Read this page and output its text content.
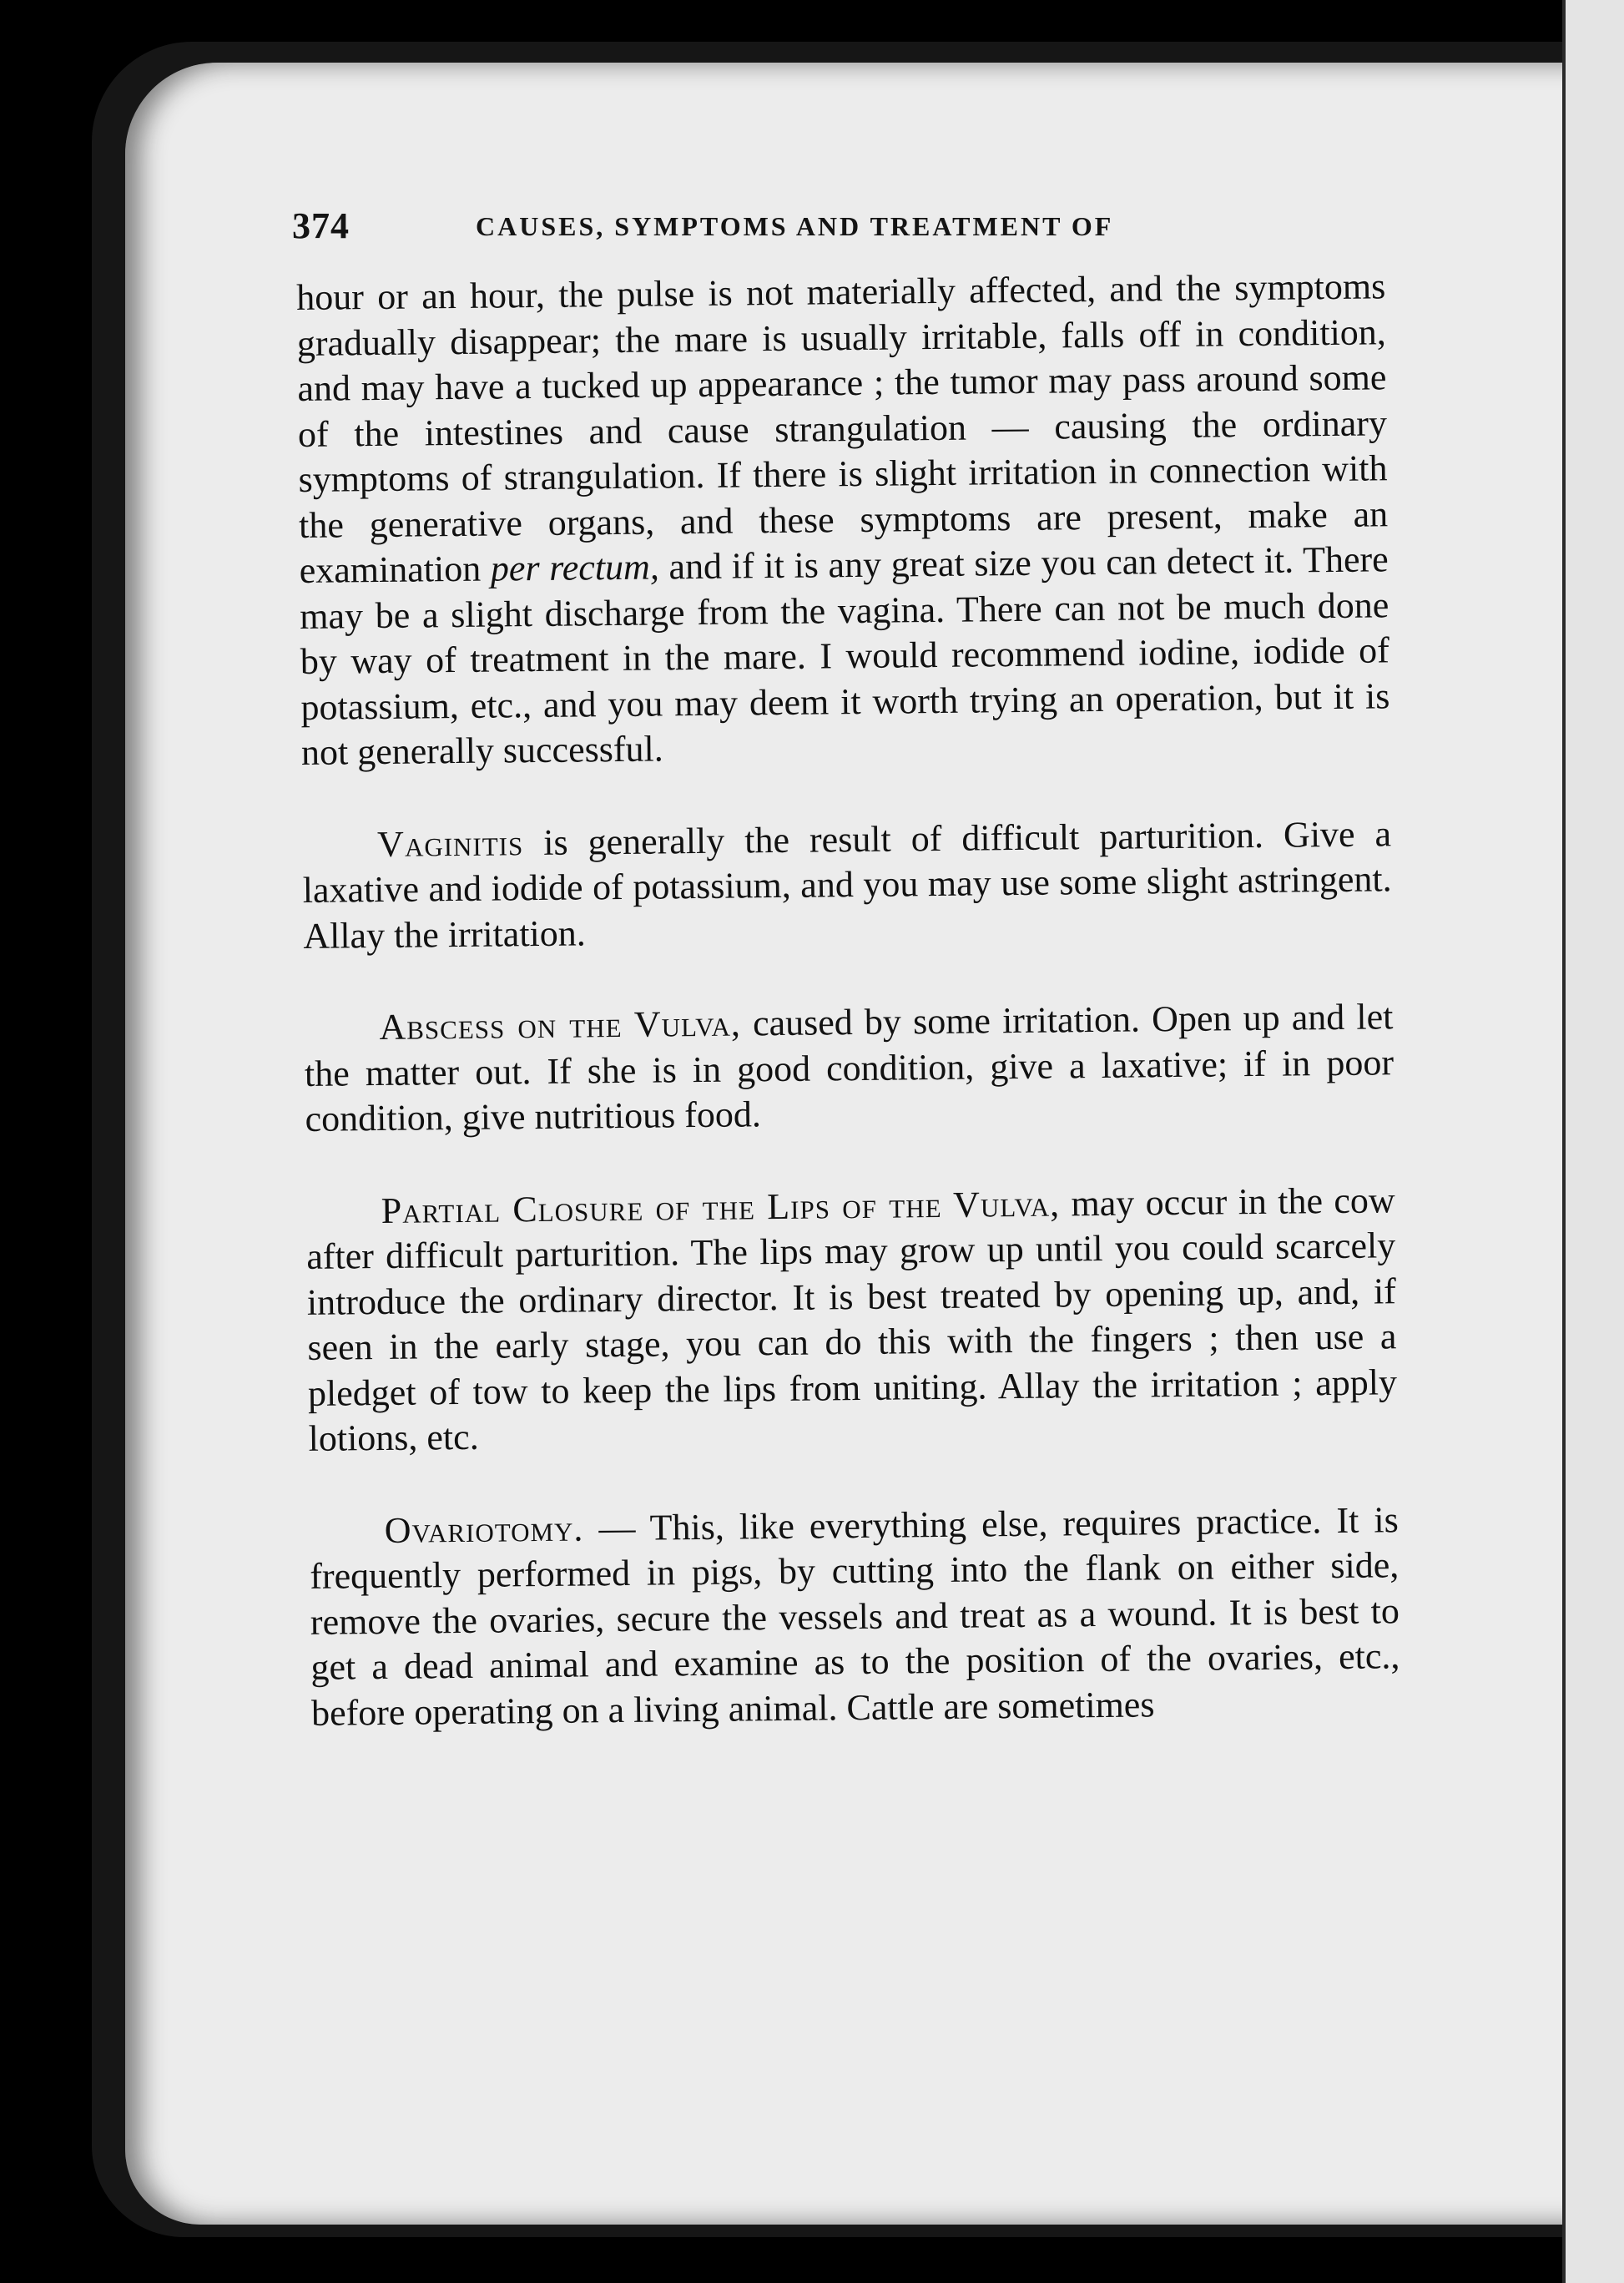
374	CAUSES, SYMPTOMS AND TREATMENT OF

hour or an hour, the pulse is not materially affected, and the symptoms gradually disappear; the mare is usually irritable, falls off in condition, and may have a tucked up appearance ; the tumor may pass around some of the intestines and cause strangulation — causing the ordinary symptoms of strangulation. If there is slight irritation in connection with the generative organs, and these symptoms are present, make an examination per rectum, and if it is any great size you can detect it. There may be a slight discharge from the vagina. There can not be much done by way of treatment in the mare. I would recommend iodine, iodide of potassium, etc., and you may deem it worth trying an operation, but it is not generally successful.

Vaginitis is generally the result of difficult parturition. Give a laxative and iodide of potassium, and you may use some slight astringent. Allay the irritation.

Abscess on the Vulva, caused by some irritation. Open up and let the matter out. If she is in good condition, give a laxative; if in poor condition, give nutritious food.

Partial Closure of the Lips of the Vulva, may occur in the cow after difficult parturition. The lips may grow up until you could scarcely introduce the ordinary director. It is best treated by opening up, and, if seen in the early stage, you can do this with the fingers ; then use a pledget of tow to keep the lips from uniting. Allay the irritation ; apply lotions, etc.

Ovariotomy. — This, like everything else, requires practice. It is frequently performed in pigs, by cutting into the flank on either side, remove the ovaries, secure the vessels and treat as a wound. It is best to get a dead animal and examine as to the position of the ovaries, etc., before operating on a living animal. Cattle are sometimes
